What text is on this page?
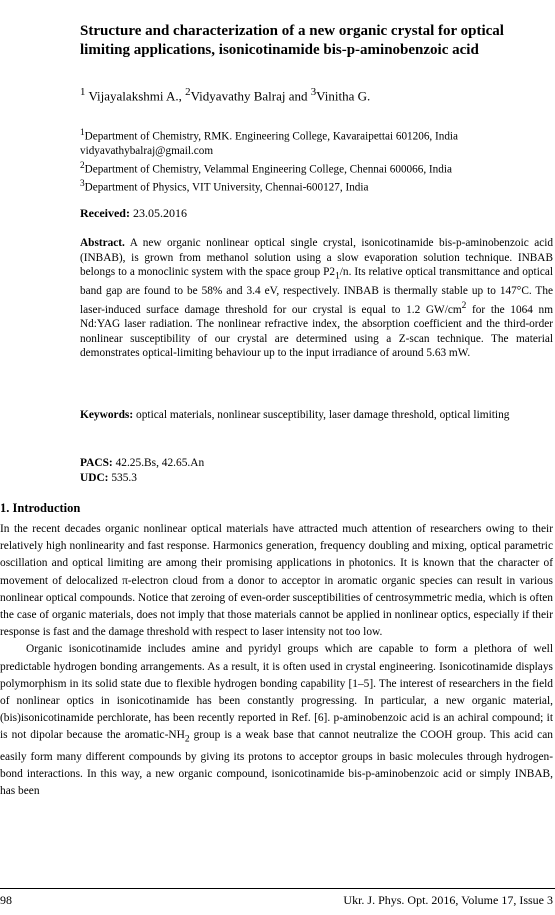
Structure and characterization of a new organic crystal for optical limiting applications, isonicotinamide bis-p-aminobenzoic acid
$^1$ Vijayalakshmi A., $^2$Vidyavathy Balraj and $^3$Vinitha G.
$^1$Department of Chemistry, RMK. Engineering College, Kavaraipettai 601206, India
vidyavathybalraj@gmail.com
$^2$Department of Chemistry, Velammal Engineering College, Chennai 600066, India
$^3$Department of Physics, VIT University, Chennai-600127, India
Received: 23.05.2016

Abstract. A new organic nonlinear optical single crystal, isonicotinamide bis-p-aminobenzoic acid (INBAB), is grown from methanol solution using a slow evaporation solution technique. INBAB belongs to a monoclinic system with the space group $P2_1/n$. Its relative optical transmittance and optical band gap are found to be 58% and 3.4 eV, respectively. INBAB is thermally stable up to 147°C. The laser-induced surface damage threshold for our crystal is equal to 1.2 $GW/cm^2$ for the 1064 nm Nd:YAG laser radiation. The nonlinear refractive index, the absorption coefficient and the third-order nonlinear susceptibility of our crystal are determined using a Z-scan technique. The material demonstrates optical-limiting behaviour up to the input irradiance of around 5.63 mW.

Keywords: optical materials, nonlinear susceptibility, laser damage threshold, optical limiting

PACS: 42.25.Bs, 42.65.An
UDC: 535.3
1. Introduction

In the recent decades organic nonlinear optical materials have attracted much attention of researchers owing to their relatively high nonlinearity and fast response. Harmonics generation, frequency doubling and mixing, optical parametric oscillation and optical limiting are among their promising applications in photonics. It is known that the character of movement of delocalized π-electron cloud from a donor to acceptor in aromatic organic species can result in various nonlinear optical compounds. Notice that zeroing of even-order susceptibilities of centrosymmetric media, which is often the case of organic materials, does not imply that those materials cannot be applied in nonlinear optics, especially if their response is fast and the damage threshold with respect to laser intensity not too low.

Organic isonicotinamide includes amine and pyridyl groups which are capable to form a plethora of well predictable hydrogen bonding arrangements. As a result, it is often used in crystal engineering. Isonicotinamide displays polymorphism in its solid state due to flexible hydrogen bonding capability [1–5]. The interest of researchers in the field of nonlinear optics in isonicotinamide has been constantly progressing. In particular, a new organic material, (bis)isonicotinamide perchlorate, has been recently reported in Ref. [6]. p-aminobenzoic acid is an achiral compound; it is not dipolar because the aromatic-$NH_2$ group is a weak base that cannot neutralize the COOH group. This acid can easily form many different compounds by giving its protons to acceptor groups in basic molecules through hydrogen-bond interactions. In this way, a new organic compound, isonicotinamide bis-p-aminobenzoic acid or simply INBAB, has been

98	Ukr. J. Phys. Opt. 2016, Volume 17, Issue 3
